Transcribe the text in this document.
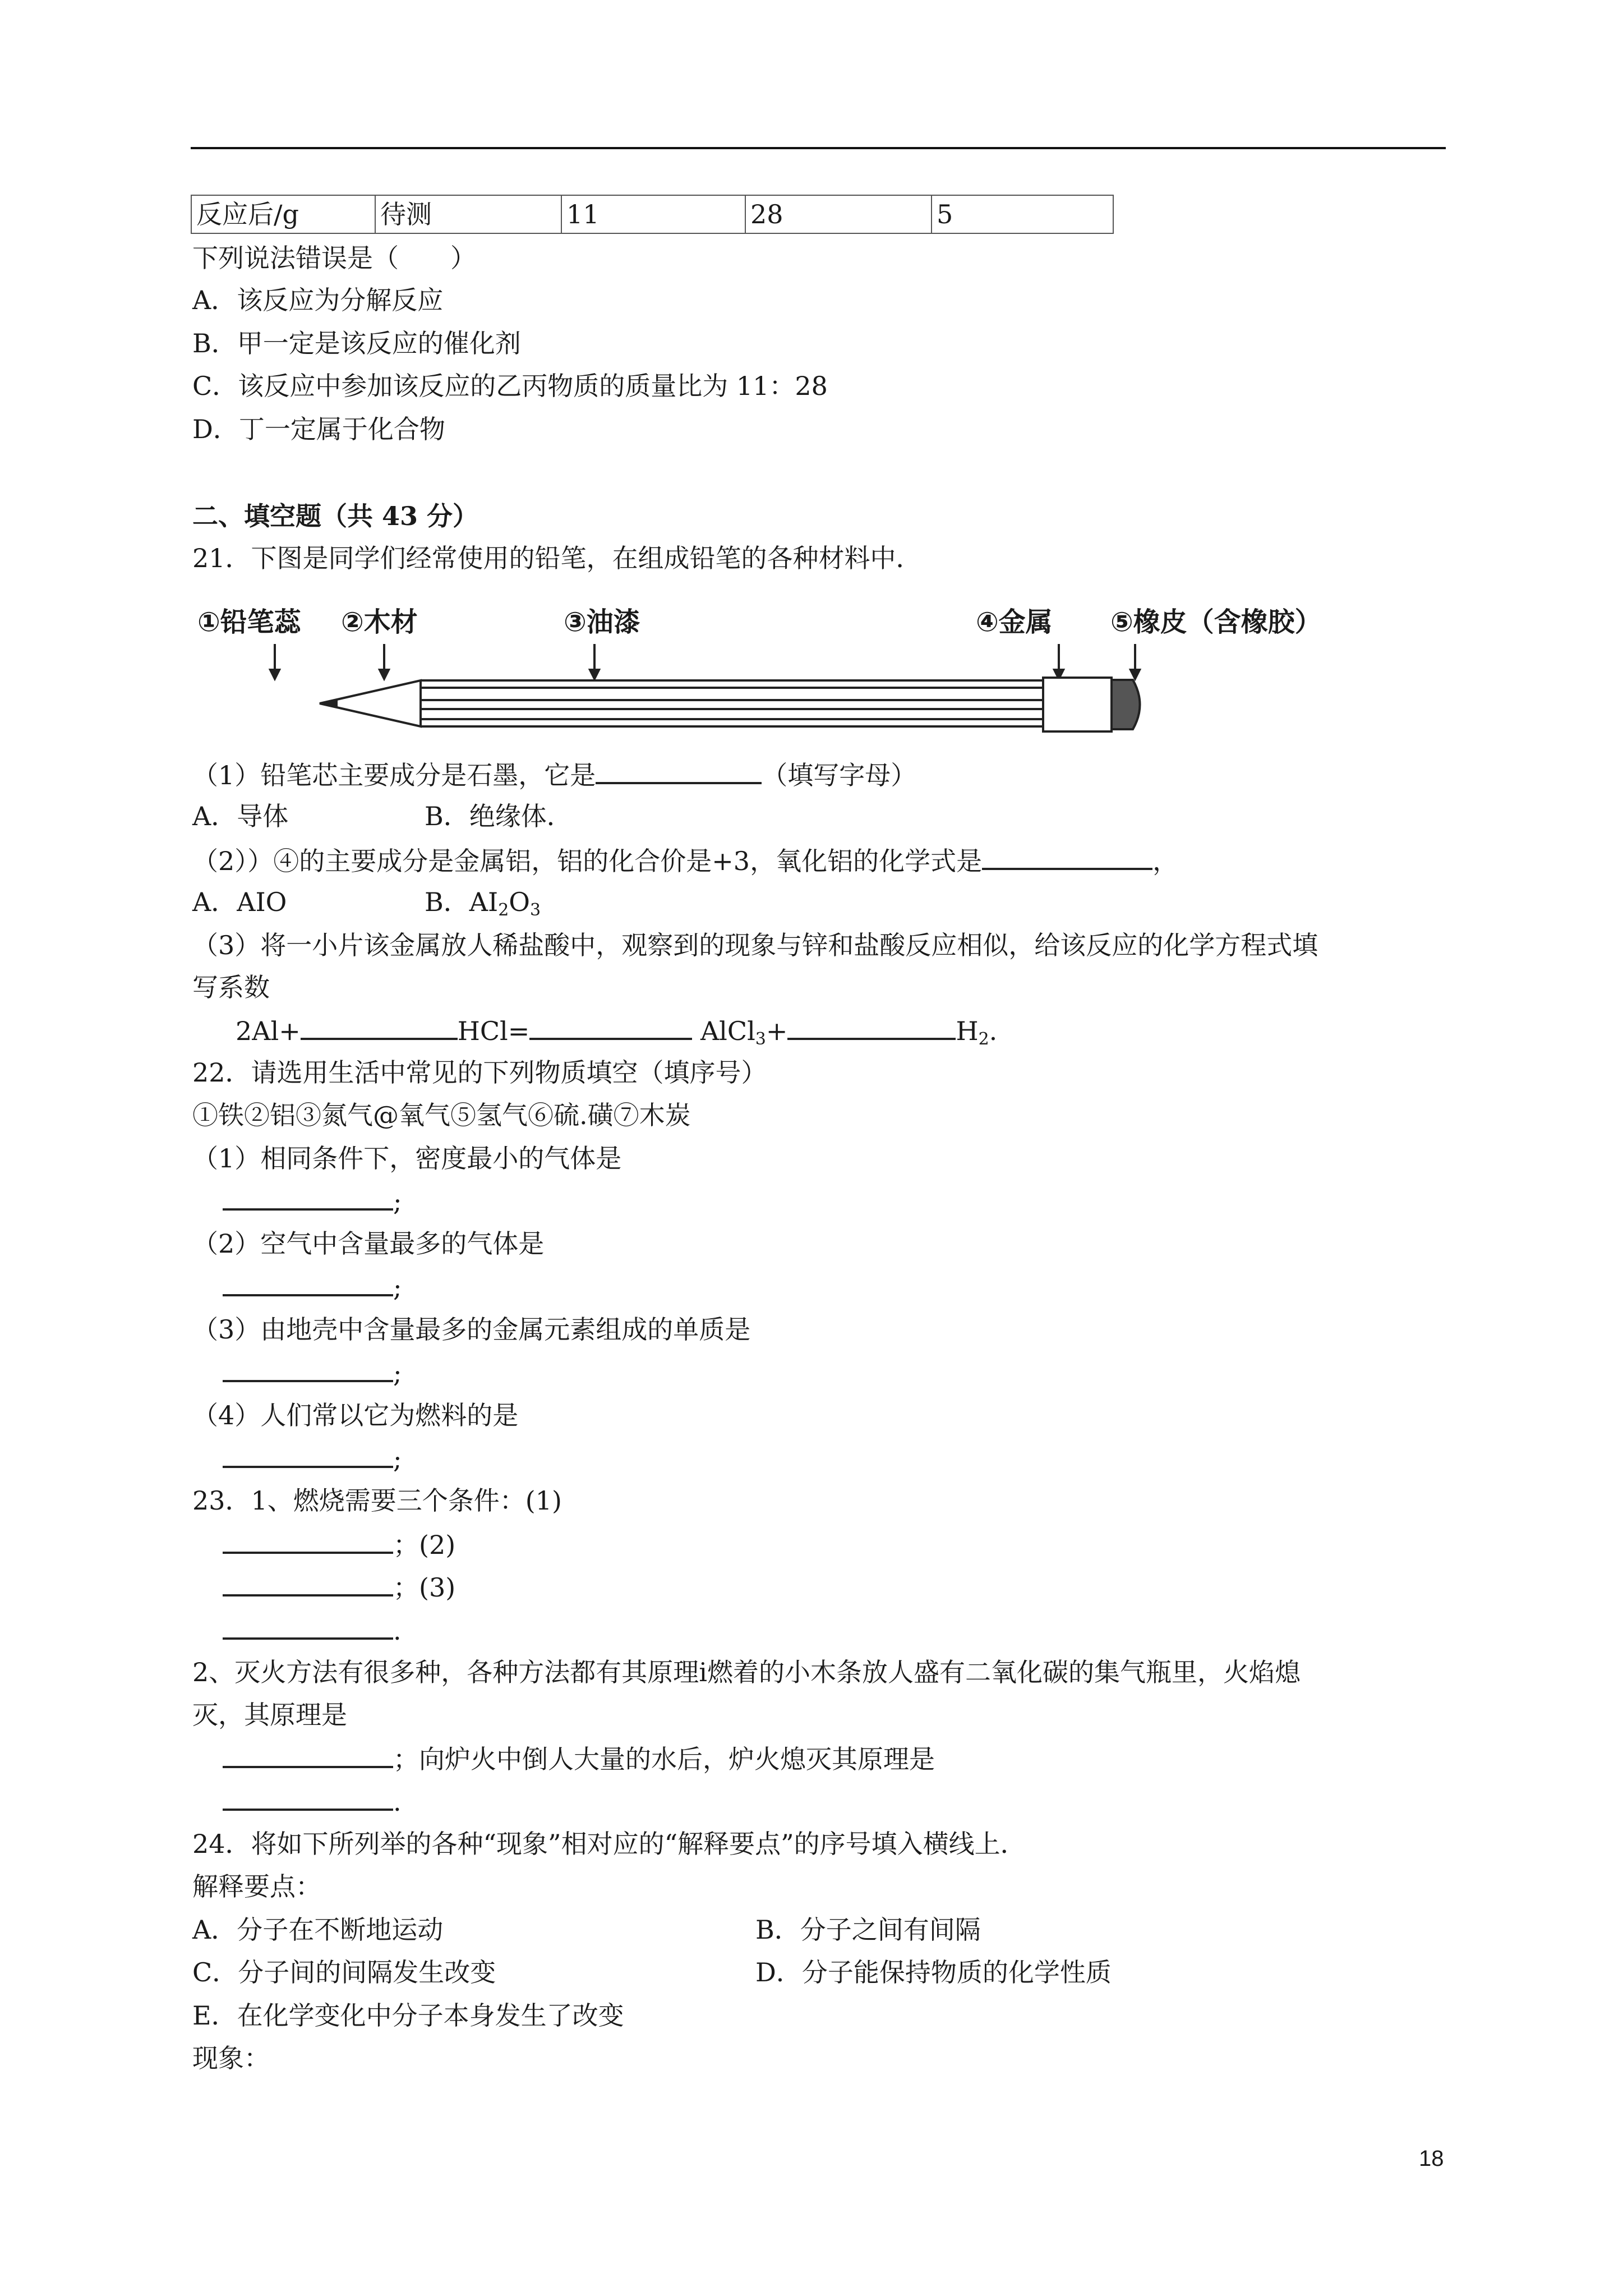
反应后/g	待测	11	28	5
下列说法错误是（　　）
A．该反应为分解反应
B．甲一定是该反应的催化剂
C．该反应中参加该反应的乙丙物质的质量比为 11：28
D．丁一定属于化合物
二、填空题（共 43 分）
21．下图是同学们经常使用的铅笔，在组成铅笔的各种材料中．
①铅笔蕊 ②木材	③油漆	④金属 ⑤橡皮（含橡胶）
（1）铅笔芯主要成分是石墨，它是	（填写字母）
A．导体	B．绝缘体．
（2））④的主要成分是金属铝，铝的化合价是+3，氧化铝的化学式是	，
A．AIO	B．$AI_2O_3$
（3）将一小片该金属放人稀盐酸中，观察到的现象与锌和盐酸反应相似，给该反应的化学方程式填
写系数
2Al+	HCl=	AlCl$_3$+	$H_2$.
22．请选用生活中常见的下列物质填空（填序号）
①铁②铝③氮气@氧气⑤氢气⑥硫.磺⑦木炭
（1）相同条件下，密度最小的气体是
;
（2）空气中含量最多的气体是
;
（3）由地壳中含量最多的金属元素组成的单质是
;
（4）人们常以它为燃料的是
;
23．1、燃烧需要三个条件：(1)
；(2)
；(3)
.
2、灭火方法有很多种，各种方法都有其原理ⅰ燃着的小木条放人盛有二氧化碳的集气瓶里，火焰熄
灭，其原理是
；向炉火中倒人大量的水后，炉火熄灭其原理是
.
24．将如下所列举的各种“现象”相对应的“解释要点”的序号填入横线上．
解释要点：
A．分子在不断地运动	B．分子之间有间隔
C．分子间的间隔发生改变	D．分子能保持物质的化学性质
E．在化学变化中分子本身发生了改变
现象：
18
